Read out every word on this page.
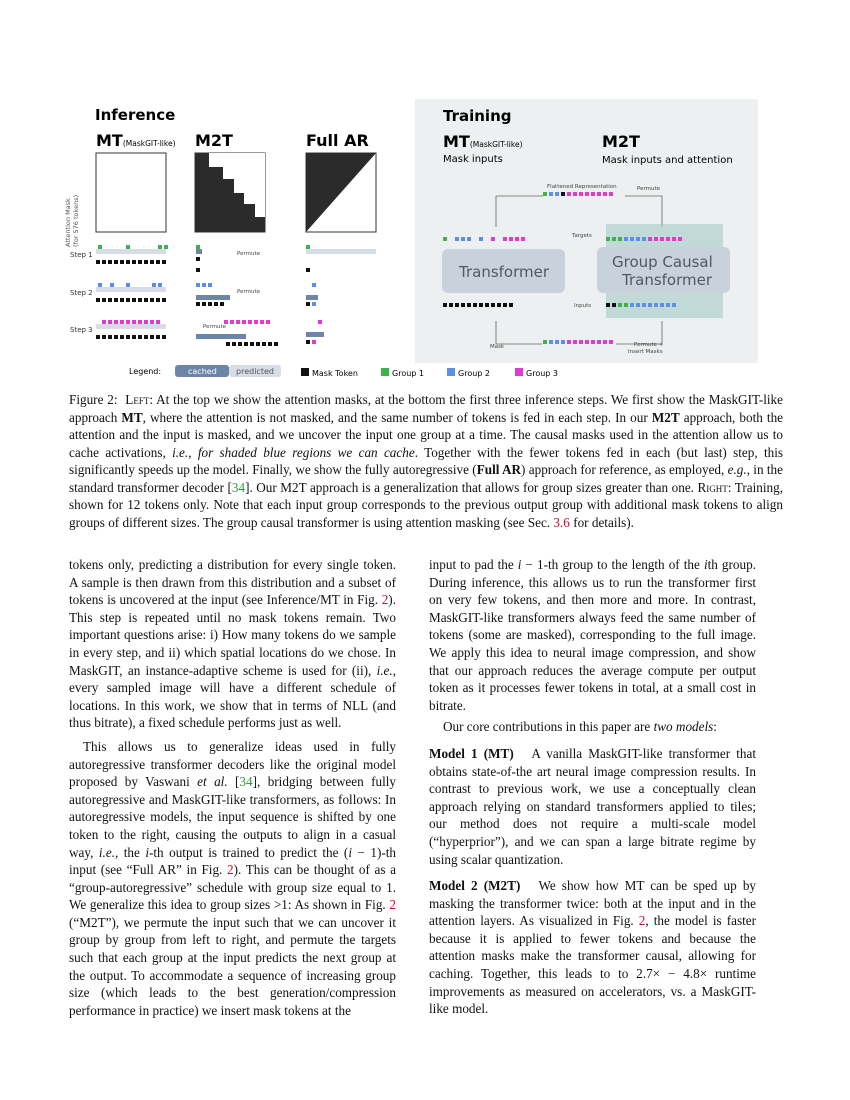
Inference
MT(MaskGIT-like) M2T	Full AR
Attention Mask(for 576 tokens)
Step 1
Step 2
Step 3
Permute
Permute
Permute
Legend:	cached predicted	Mask Token	Group 1	Group 2	Group 3
Training
MT(MaskGIT-like)
Mask inputs
M2T
Mask inputs and attention
Flattened Representation	Permute
Targets
Inputs
Transformer
Group Causal
Transformer
Mask	Permute + Insert Masks
Figure 2: Left: At the top we show the attention masks, at the bottom the first three inference steps. We first show the MaskGIT-like approach MT, where the attention is not masked, and the same number of tokens is fed in each step. In our M2T approach, both the attention and the input is masked, and we uncover the input one group at a time. The causal masks used in the attention allow us to cache activations, i.e., for shaded blue regions we can cache. Together with the fewer tokens fed in each (but last) step, this significantly speeds up the model. Finally, we show the fully autoregressive (Full AR) approach for reference, as employed, e.g., in the standard transformer decoder [34]. Our M2T approach is a generalization that allows for group sizes greater than one. Right: Training, shown for 12 tokens only. Note that each input group corresponds to the previous output group with additional mask tokens to align groups of different sizes. The group causal transformer is using attention masking (see Sec. 3.6 for details).

tokens only, predicting a distribution for every single token. A sample is then drawn from this distribution and a subset of tokens is uncovered at the input (see Inference/MT in Fig. 2). This step is repeated until no mask tokens remain. Two important questions arise: i) How many tokens do we sample in every step, and ii) which spatial locations do we chose. In MaskGIT, an instance-adaptive scheme is used for (ii), i.e., every sampled image will have a different schedule of locations. In this work, we show that in terms of NLL (and thus bitrate), a fixed schedule performs just as well.

This allows us to generalize ideas used in fully autoregressive transformer decoders like the original model proposed by Vaswani et al. [34], bridging between fully autoregressive and MaskGIT-like transformers, as follows: In autoregressive models, the input sequence is shifted by one token to the right, causing the outputs to align in a casual way, i.e., the i-th output is trained to predict the (i − 1)-th input (see “Full AR” in Fig. 2). This can be thought of as a “group-autoregressive” schedule with group size equal to 1. We generalize this idea to group sizes >1: As shown in Fig. 2 (“M2T”), we permute the input such that we can uncover it group by group from left to right, and permute the targets such that each group at the input predicts the next group at the output. To accommodate a sequence of increasing group size (which leads to the best generation/compression performance in practice) we insert mask tokens at the

input to pad the i − 1-th group to the length of the ith group. During inference, this allows us to run the transformer first on very few tokens, and then more and more. In contrast, MaskGIT-like transformers always feed the same number of tokens (some are masked), corresponding to the full image. We apply this idea to neural image compression, and show that our approach reduces the average compute per output token as it processes fewer tokens in total, at a small cost in bitrate.

Our core contributions in this paper are two models:

Model 1 (MT) A vanilla MaskGIT-like transformer that obtains state-of-the art neural image compression results. In contrast to previous work, we use a conceptually clean approach relying on standard transformers applied to tiles; our method does not require a multi-scale model (“hyperprior”), and we can span a large bitrate regime by using scalar quantization.

Model 2 (M2T) We show how MT can be sped up by masking the transformer twice: both at the input and in the attention layers. As visualized in Fig. 2, the model is faster because it is applied to fewer tokens and because the attention masks make the transformer causal, allowing for caching. Together, this leads to to 2.7× − 4.8× runtime improvements as measured on accelerators, vs. a MaskGIT-like model.
